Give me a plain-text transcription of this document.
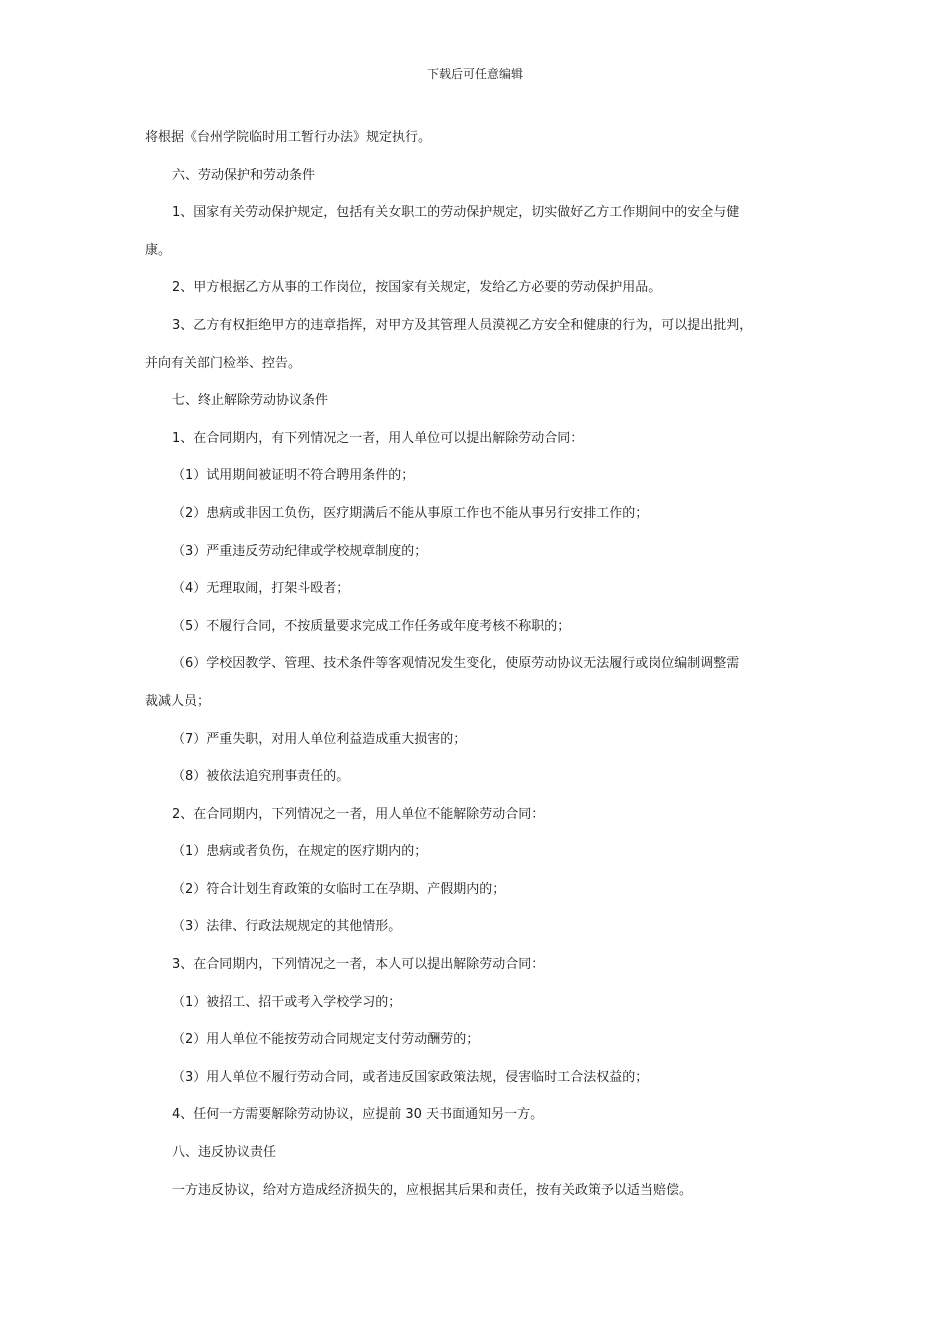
下载后可任意编辑
将根据《台州学院临时用工暂行办法》规定执行。
六、劳动保护和劳动条件
1、国家有关劳动保护规定，包括有关女职工的劳动保护规定，切实做好乙方工作期间中的安全与健
康。
2、甲方根据乙方从事的工作岗位，按国家有关规定，发给乙方必要的劳动保护用品。
3、乙方有权拒绝甲方的违章指挥，对甲方及其管理人员漠视乙方安全和健康的行为，可以提出批判，
并向有关部门检举、控告。
七、终止解除劳动协议条件
1、在合同期内，有下列情况之一者，用人单位可以提出解除劳动合同：
（1）试用期间被证明不符合聘用条件的；
（2）患病或非因工负伤，医疗期满后不能从事原工作也不能从事另行安排工作的；
（3）严重违反劳动纪律或学校规章制度的；
（4）无理取闹，打架斗殴者；
（5）不履行合同，不按质量要求完成工作任务或年度考核不称职的；
（6）学校因教学、管理、技术条件等客观情况发生变化，使原劳动协议无法履行或岗位编制调整需
裁减人员；
（7）严重失职，对用人单位利益造成重大损害的；
（8）被依法追究刑事责任的。
2、在合同期内，下列情况之一者，用人单位不能解除劳动合同：
（1）患病或者负伤，在规定的医疗期内的；
（2）符合计划生育政策的女临时工在孕期、产假期内的；
（3）法律、行政法规规定的其他情形。
3、在合同期内，下列情况之一者，本人可以提出解除劳动合同：
（1）被招工、招干或考入学校学习的；
（2）用人单位不能按劳动合同规定支付劳动酬劳的；
（3）用人单位不履行劳动合同，或者违反国家政策法规，侵害临时工合法权益的；
4、任何一方需要解除劳动协议，应提前 30 天书面通知另一方。
八、违反协议责任
一方违反协议，给对方造成经济损失的，应根据其后果和责任，按有关政策予以适当赔偿。
